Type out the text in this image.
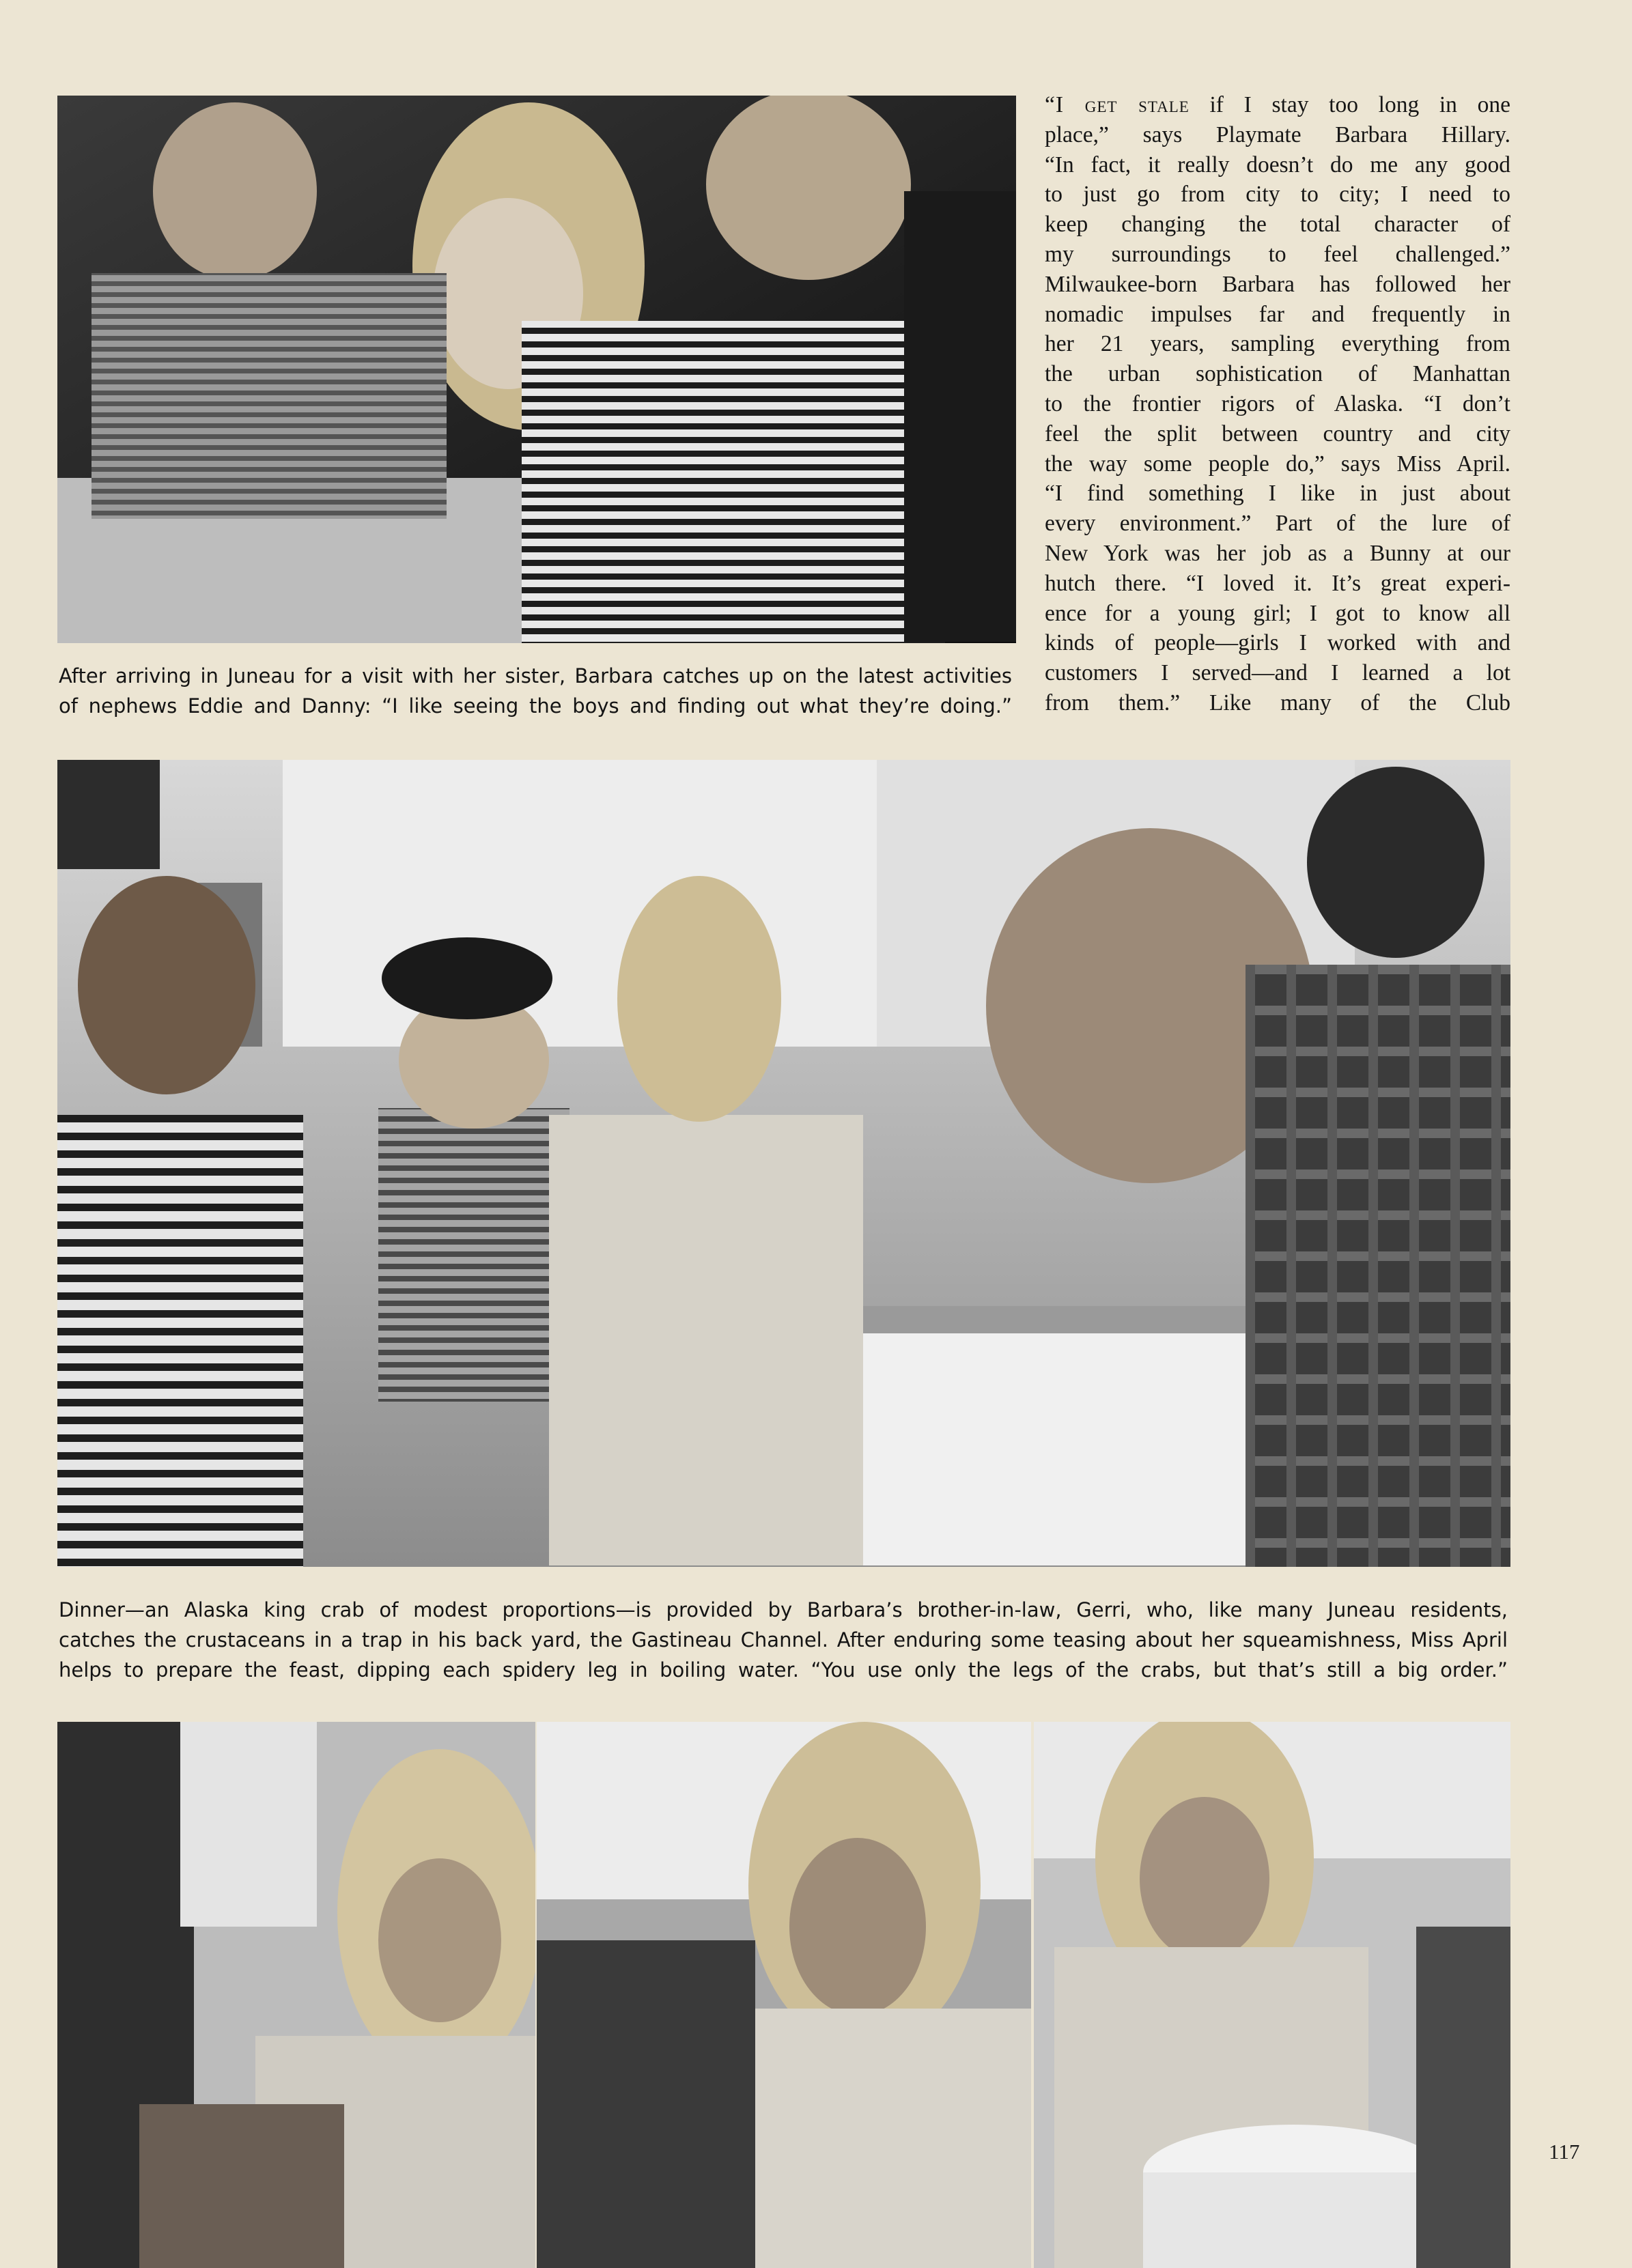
“I get stale if I stay too long in one
place,” says Playmate Barbara Hillary.
“In fact, it really doesn’t do me any good
to just go from city to city; I need to
keep changing the total character of
my surroundings to feel challenged.”
Milwaukee-born Barbara has followed her
nomadic impulses far and frequently in
her 21 years, sampling everything from
the urban sophistication of Manhattan
to the frontier rigors of Alaska. “I don’t
feel the split between country and city
the way some people do,” says Miss April.
“I find something I like in just about
every environment.” Part of the lure of
New York was her job as a Bunny at our
hutch there. “I loved it. It’s great experi-
ence for a young girl; I got to know all
kinds of people—girls I worked with and
customers I served—and I learned a lot
from them.” Like many of the Club
After arriving in Juneau for a visit with her sister, Barbara catches up on the latest activities
of nephews Eddie and Danny: “I like seeing the boys and finding out what they’re doing.”
Dinner—an Alaska king crab of modest proportions—is provided by Barbara’s brother-in-law, Gerri, who, like many Juneau residents,
catches the crustaceans in a trap in his back yard, the Gastineau Channel. After enduring some teasing about her squeamishness, Miss April
helps to prepare the feast, dipping each spidery leg in boiling water. “You use only the legs of the crabs, but that’s still a big order.”
117
